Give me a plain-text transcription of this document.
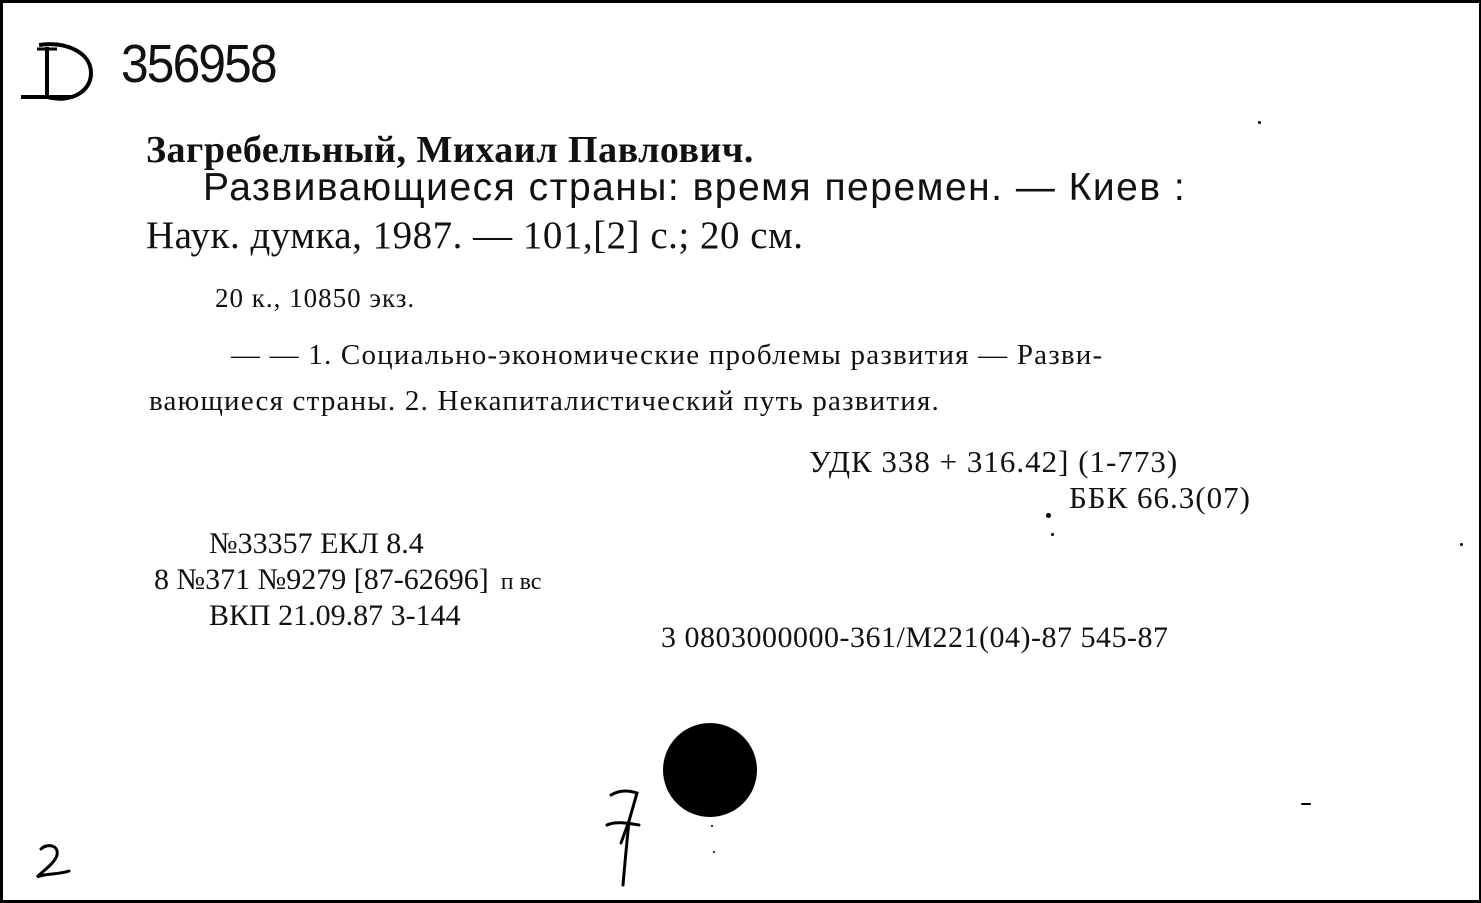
356958
Загребельный, Михаил Павлович.
Развивающиеся страны: время перемен. — Киев :
Наук. думка, 1987. — 101,[2] с.; 20 см.
20 к., 10850 экз.
— — 1. Социально-экономические проблемы развития — Разви-
вающиеся страны. 2. Некапиталистический путь развития.
УДК 338 + 316.42] (1-773)
ББК 66.3(07)
№33357 ЕКЛ 8.4
8 №371 №9279 [87-62696] п вс
ВКП 21.09.87 3-144
3 0803000000-361/М221(04)-87 545-87
